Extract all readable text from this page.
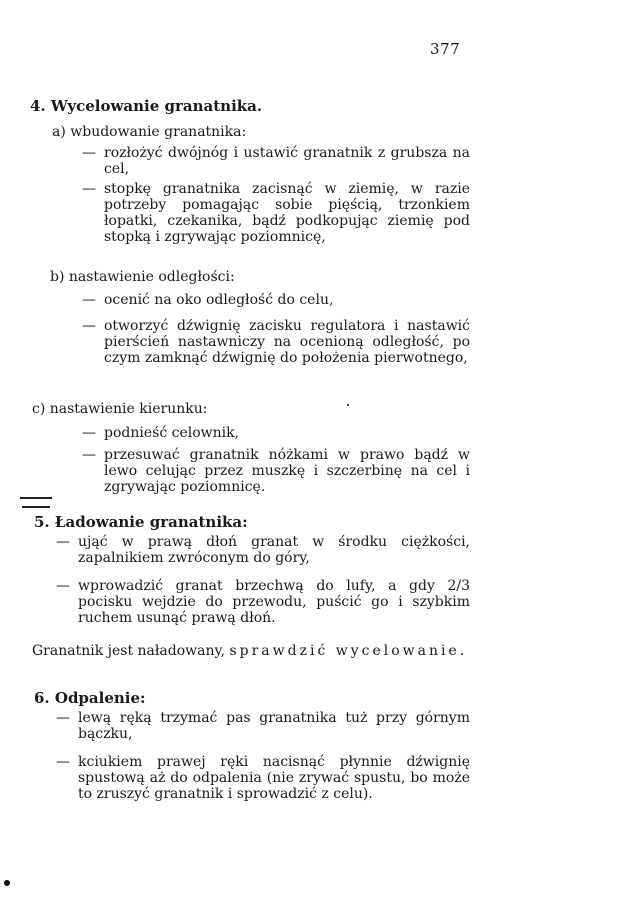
377
4. Wycelowanie granatnika.
a) wbudowanie granatnika:
— rozłożyć dwójnóg i ustawić granatnik z grubsza na cel,
— stopkę granatnika zacisnąć w ziemię, w razie potrzeby pomagając sobie pięścią, trzonkiem łopatki, czekanika, bądź podkopując ziemię pod stopką i zgrywając poziomnicę,
b) nastawienie odległości:
— ocenić na oko odległość do celu,
— otworzyć dźwignię zacisku regulatora i nastawić pierścień nastawniczy na ocenioną odległość, po czym zamknąć dźwignię do położenia pierwotnego,
c) nastawienie kierunku:
— podnieść celownik,
— przesuwać granatnik nóżkami w prawo bądź w lewo celując przez muszkę i szczerbinę na cel i zgrywając poziomnicę.
5. Ładowanie granatnika:
— ująć w prawą dłoń granat w środku ciężkości, zapalnikiem zwróconym do góry,
— wprowadzić granat brzechwą do lufy, a gdy 2/3 pocisku wejdzie do przewodu, puścić go i szybkim ruchem usunąć prawą dłoń.
Granatnik jest naładowany, sprawdzić wycelowanie.
6. Odpalenie:
— lewą ręką trzymać pas granatnika tuż przy górnym bączku,
— kciukiem prawej ręki nacisnąć płynnie dźwignię spustową aż do odpalenia (nie zrywać spustu, bo może to zruszyć granatnik i sprowadzić z celu).
